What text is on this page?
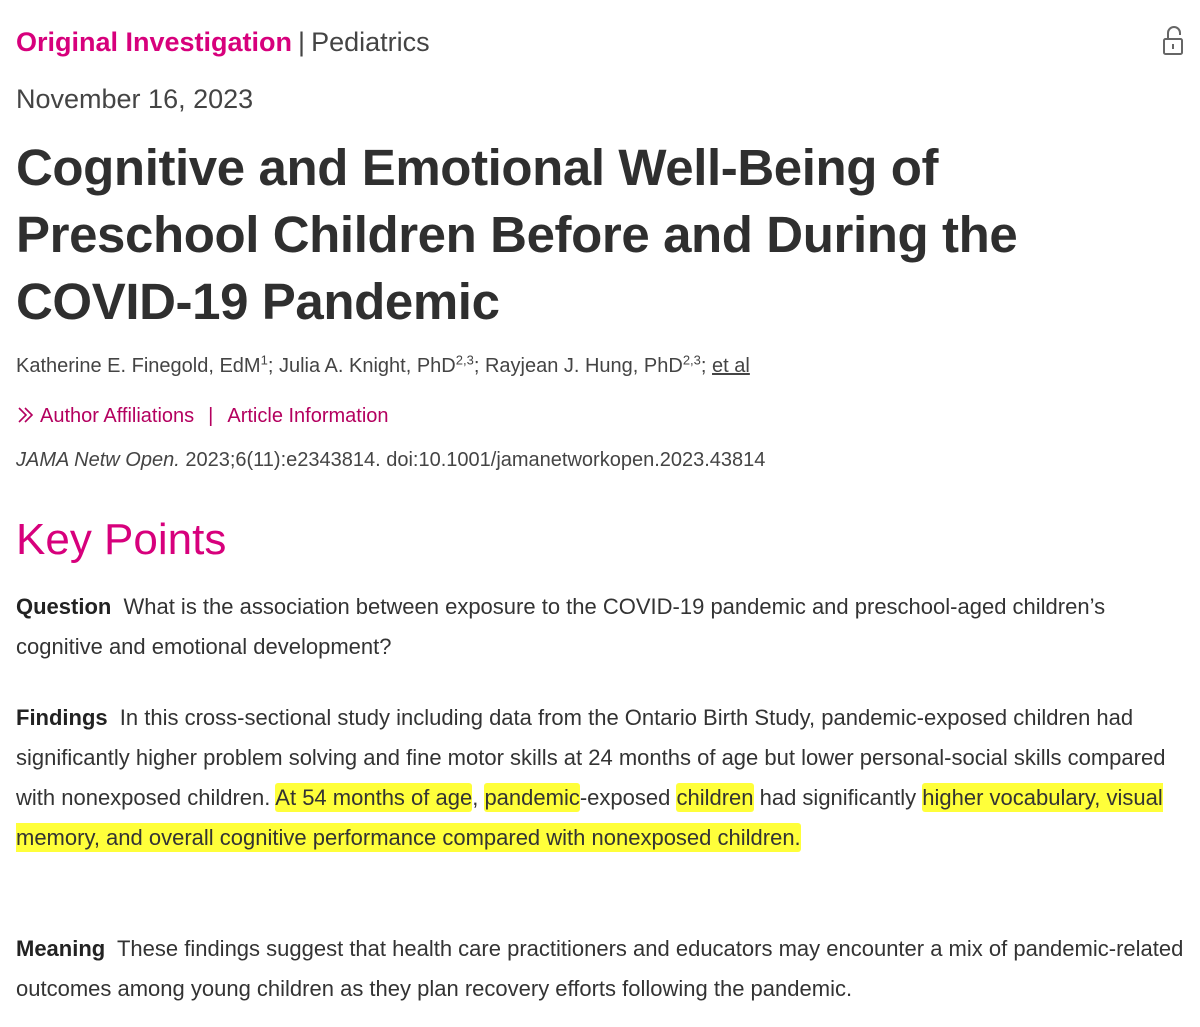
Original Investigation | Pediatrics
November 16, 2023
Cognitive and Emotional Well-Being of Preschool Children Before and During the COVID-19 Pandemic
Katherine E. Finegold, EdM$^1$; Julia A. Knight, PhD$^{2,3}$; Rayjean J. Hung, PhD$^{2,3}$; et al
Author Affiliations | Article Information
JAMA Netw Open. 2023;6(11):e2343814. doi:10.1001/jamanetworkopen.2023.43814
Key Points

Question What is the association between exposure to the COVID-19 pandemic and preschool-aged children’s cognitive and emotional development?

Findings In this cross-sectional study including data from the Ontario Birth Study, pandemic-exposed children had significantly higher problem solving and fine motor skills at 24 months of age but lower personal-social skills compared with nonexposed children. At 54 months of age, pandemic-exposed children had significantly higher vocabulary, visual memory, and overall cognitive performance compared with nonexposed children.

Meaning These findings suggest that health care practitioners and educators may encounter a mix of pandemic-related outcomes among young children as they plan recovery efforts following the pandemic.
